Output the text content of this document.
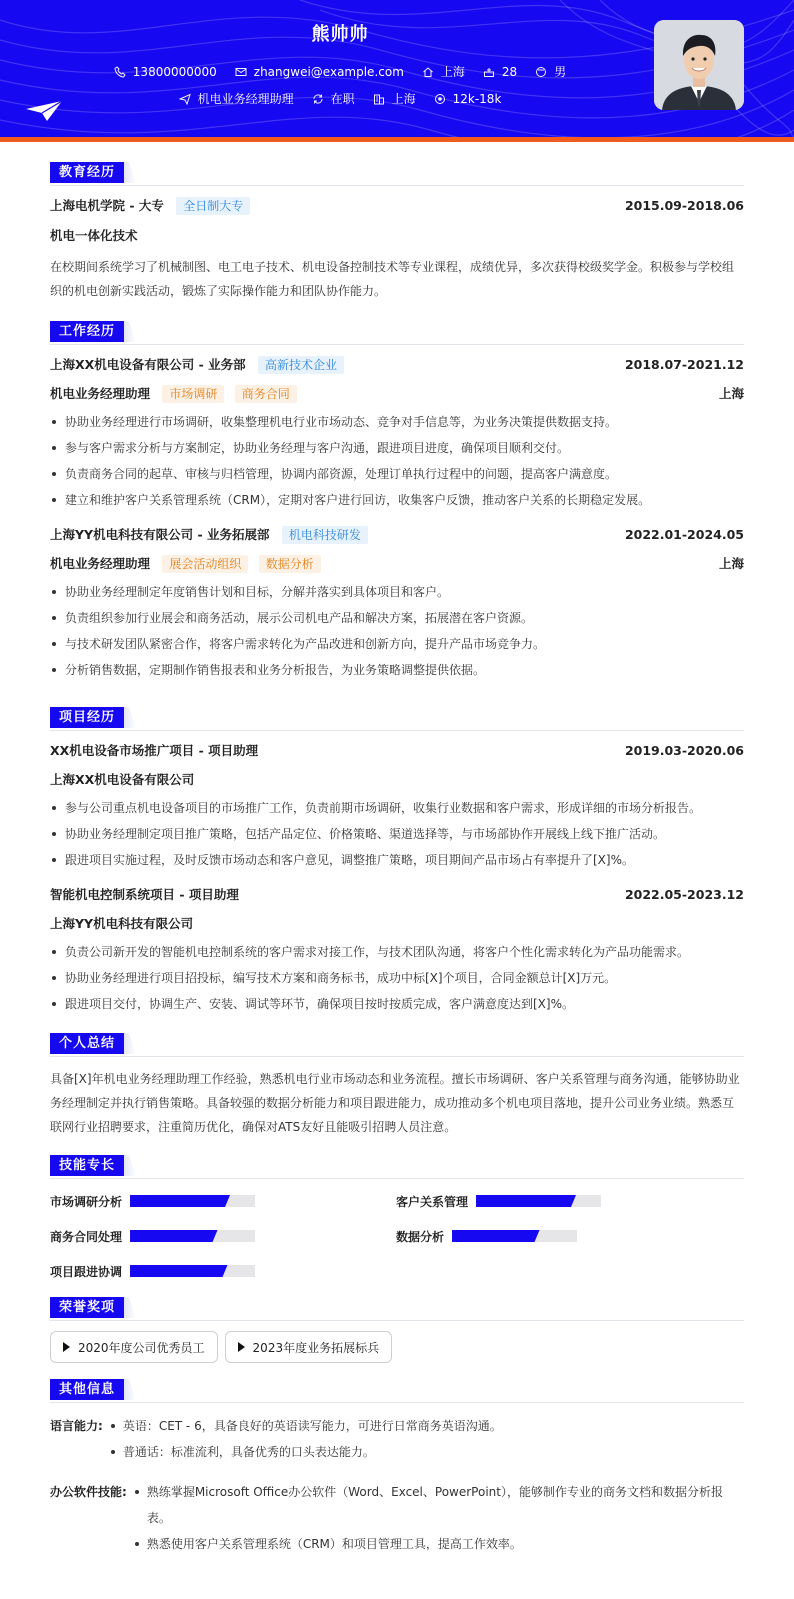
熊帅帅
13800000000	zhangwei@example.com	上海	28	男
机电业务经理助理	在职	上海	12k-18k
教育经历
上海电机学院 - 大专 全日制大专	2015.09-2018.06
机电一体化技术
在校期间系统学习了机械制图、电工电子技术、机电设备控制技术等专业课程，成绩优异，多次获得校级奖学金。积极参与学校组织的机电创新实践活动，锻炼了实际操作能力和团队协作能力。
工作经历
上海XX机电设备有限公司 - 业务部 高新技术企业	2018.07-2021.12
机电业务经理助理 市场调研 商务合同	上海
协助业务经理进行市场调研，收集整理机电行业市场动态、竞争对手信息等，为业务决策提供数据支持。
参与客户需求分析与方案制定，协助业务经理与客户沟通，跟进项目进度，确保项目顺利交付。
负责商务合同的起草、审核与归档管理，协调内部资源，处理订单执行过程中的问题，提高客户满意度。
建立和维护客户关系管理系统（CRM），定期对客户进行回访，收集客户反馈，推动客户关系的长期稳定发展。
上海YY机电科技有限公司 - 业务拓展部 机电科技研发	2022.01-2024.05
机电业务经理助理 展会活动组织 数据分析	上海
协助业务经理制定年度销售计划和目标，分解并落实到具体项目和客户。
负责组织参加行业展会和商务活动，展示公司机电产品和解决方案，拓展潜在客户资源。
与技术研发团队紧密合作，将客户需求转化为产品改进和创新方向，提升产品市场竞争力。
分析销售数据，定期制作销售报表和业务分析报告，为业务策略调整提供依据。
项目经历
XX机电设备市场推广项目 - 项目助理	2019.03-2020.06
上海XX机电设备有限公司
参与公司重点机电设备项目的市场推广工作，负责前期市场调研，收集行业数据和客户需求，形成详细的市场分析报告。
协助业务经理制定项目推广策略，包括产品定位、价格策略、渠道选择等，与市场部协作开展线上线下推广活动。
跟进项目实施过程，及时反馈市场动态和客户意见，调整推广策略，项目期间产品市场占有率提升了[X]%。
智能机电控制系统项目 - 项目助理	2022.05-2023.12
上海YY机电科技有限公司
负责公司新开发的智能机电控制系统的客户需求对接工作，与技术团队沟通，将客户个性化需求转化为产品功能需求。
协助业务经理进行项目招投标，编写技术方案和商务标书，成功中标[X]个项目，合同金额总计[X]万元。
跟进项目交付，协调生产、安装、调试等环节，确保项目按时按质完成，客户满意度达到[X]%。
个人总结
具备[X]年机电业务经理助理工作经验，熟悉机电行业市场动态和业务流程。擅长市场调研、客户关系管理与商务沟通，能够协助业务经理制定并执行销售策略。具备较强的数据分析能力和项目跟进能力，成功推动多个机电项目落地，提升公司业务业绩。熟悉互联网行业招聘要求，注重简历优化，确保对ATS友好且能吸引招聘人员注意。
技能专长
市场调研分析	客户关系管理
商务合同处理	数据分析
项目跟进协调
荣誉奖项
2020年度公司优秀员工	2023年度业务拓展标兵
其他信息
语言能力:	英语：CET - 6，具备良好的英语读写能力，可进行日常商务英语沟通。
普通话：标准流利，具备优秀的口头表达能力。
办公软件技能:	熟练掌握Microsoft Office办公软件（Word、Excel、PowerPoint），能够制作专业的商务文档和数据分析报表。
熟悉使用客户关系管理系统（CRM）和项目管理工具，提高工作效率。
